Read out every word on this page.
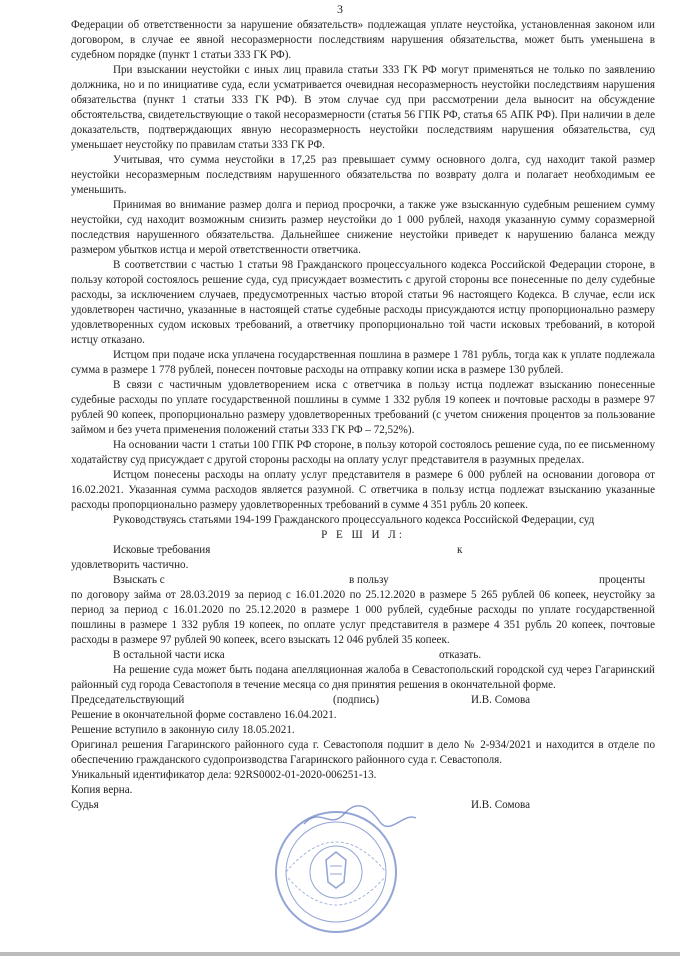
3

Федерации об ответственности за нарушение обязательств» подлежащая уплате неустойка, установленная законом или договором, в случае ее явной несоразмерности последствиям нарушения обязательства, может быть уменьшена в судебном порядке (пункт 1 статьи 333 ГК РФ).

При взыскании неустойки с иных лиц правила статьи 333 ГК РФ могут применяться не только по заявлению должника, но и по инициативе суда, если усматривается очевидная несоразмерность неустойки последствиям нарушения обязательства (пункт 1 статьи 333 ГК РФ). В этом случае суд при рассмотрении дела выносит на обсуждение обстоятельства, свидетельствующие о такой несоразмерности (статья 56 ГПК РФ, статья 65 АПК РФ). При наличии в деле доказательств, подтверждающих явную несоразмерность неустойки последствиям нарушения обязательства, суд уменьшает неустойку по правилам статьи 333 ГК РФ.

Учитывая, что сумма неустойки в 17,25 раз превышает сумму основного долга, суд находит такой размер неустойки несоразмерным последствиям нарушенного обязательства по возврату долга и полагает необходимым ее уменьшить.

Принимая во внимание размер долга и период просрочки, а также уже взысканную судебным решением сумму неустойки, суд находит возможным снизить размер неустойки до 1 000 рублей, находя указанную сумму соразмерной последствия нарушенного обязательства. Дальнейшее снижение неустойки приведет к нарушению баланса между размером убытков истца и мерой ответственности ответчика.

В соответствии с частью 1 статьи 98 Гражданского процессуального кодекса Российской Федерации стороне, в пользу которой состоялось решение суда, суд присуждает возместить с другой стороны все понесенные по делу судебные расходы, за исключением случаев, предусмотренных частью второй статьи 96 настоящего Кодекса. В случае, если иск удовлетворен частично, указанные в настоящей статье судебные расходы присуждаются истцу пропорционально размеру удовлетворенных судом исковых требований, а ответчику пропорционально той части исковых требований, в которой истцу отказано.

Истцом при подаче иска уплачена государственная пошлина в размере 1 781 рубль, тогда как к уплате подлежала сумма в размере 1 778 рублей, понесен почтовые расходы на отправку копии иска в размере 130 рублей.

В связи с частичным удовлетворением иска с ответчика в пользу истца подлежат взысканию понесенные судебные расходы по уплате государственной пошлины в сумме 1 332 рубля 19 копеек и почтовые расходы в размере 97 рублей 90 копеек, пропорционально размеру удовлетворенных требований (с учетом снижения процентов за пользование займом и без учета применения положений статьи 333 ГК РФ – 72,52%).

На основании части 1 статьи 100 ГПК РФ стороне, в пользу которой состоялось решение суда, по ее письменному ходатайству суд присуждает с другой стороны расходы на оплату услуг представителя в разумных пределах.

Истцом понесены расходы на оплату услуг представителя в размере 6 000 рублей на основании договора от 16.02.2021. Указанная сумма расходов является разумной. С ответчика в пользу истца подлежат взысканию указанные расходы пропорционально размеру удовлетворенных требований в сумме 4 351 рубль 20 копеек.

Руководствуясь статьями 194-199 Гражданского процессуального кодекса Российской Федерации, суд

Р Е Ш И Л:

Исковые требования	к

удовлетворить частично.

Взыскать с	в пользу	проценты

по договору займа от 28.03.2019 за период с 16.01.2020 по 25.12.2020 в размере 5 265 рублей 06 копеек, неустойку за период за период с 16.01.2020 по 25.12.2020 в размере 1 000 рублей, судебные расходы по уплате государственной пошлины в размере 1 332 рубля 19 копеек, по оплате услуг представителя в размере 4 351 рубль 20 копеек, почтовые расходы в размере 97 рублей 90 копеек, всего взыскать 12 046 рублей 35 копеек.

В остальной части иска	отказать.

На решение суда может быть подана апелляционная жалоба в Севастопольский городской суд через Гагаринский районный суд города Севастополя в течение месяца со дня принятия решения в окончательной форме.

Председательствующий	(подпись)	И.В. Сомова

Решение в окончательной форме составлено 16.04.2021.

Решение вступило в законную силу 18.05.2021.

Оригинал решения Гагаринского районного суда г. Севастополя подшит в дело № 2-934/2021 и находится в отделе по обеспечению гражданского судопроизводства Гагаринского районного суда г. Севастополя.

Уникальный идентификатор дела: 92RS0002-01-2020-006251-13.

Копия верна.

Судья	И.В. Сомова
